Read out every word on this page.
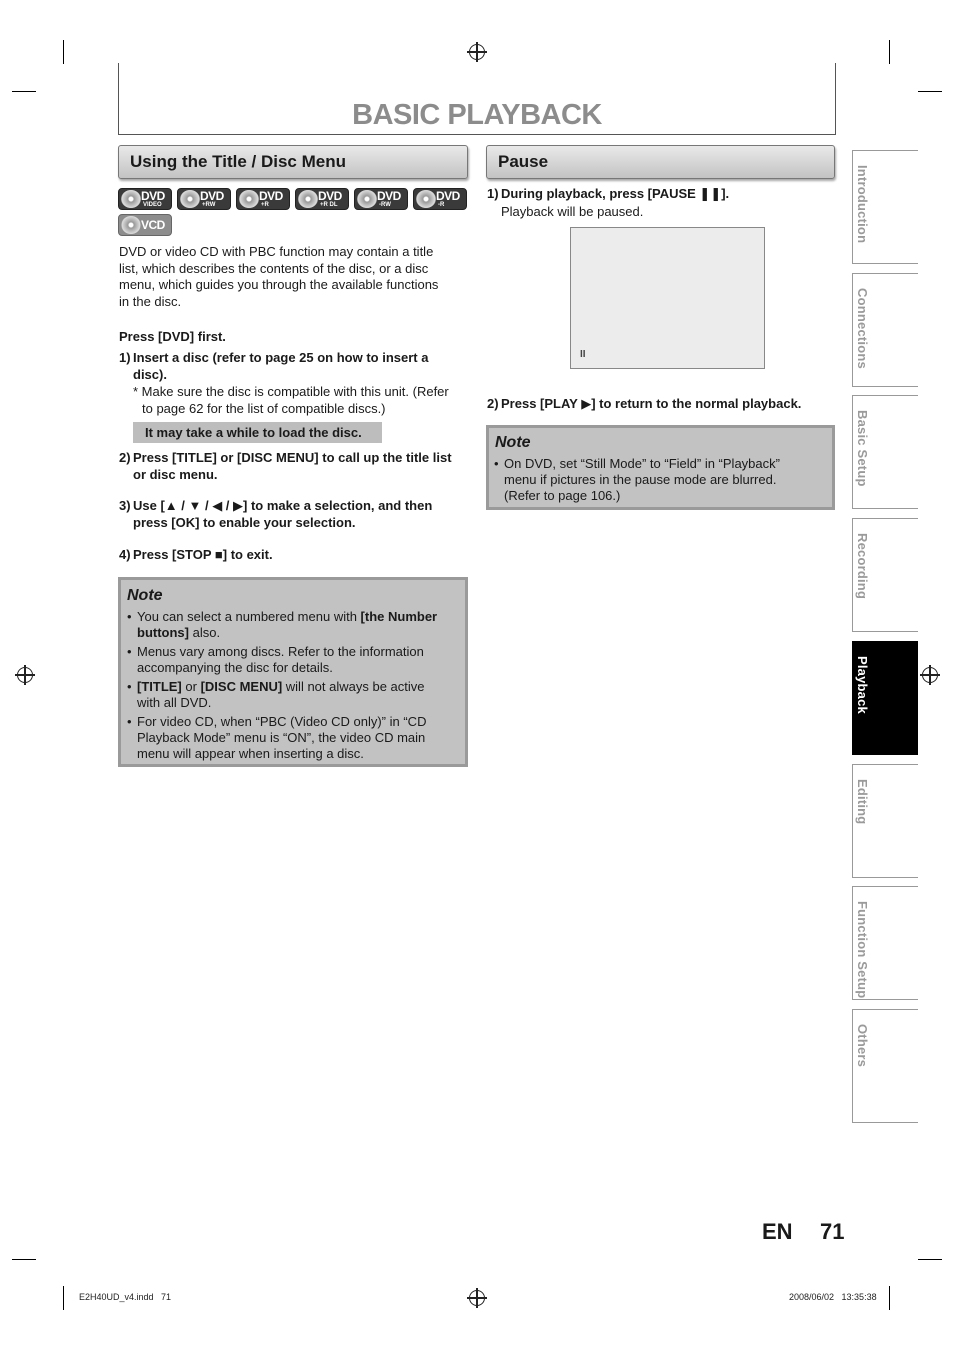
BASIC PLAYBACK
Using the Title / Disc Menu
DVD
VIDEO
DVD
+RW
DVD
+R
DVD
+R DL
DVD
-RW
DVD
-R
VCD
DVD or video CD with PBC function may contain a title
list, which describes the contents of the disc, or a disc
menu, which guides you through the available functions
in the disc.
Press [DVD] first.
1) Insert a disc (refer to page 25 on how to insert a
disc).
* Make sure the disc is compatible with this unit. (Refer
to page 62 for the list of compatible discs.)
It may take a while to load the disc.
2) Press [TITLE] or [DISC MENU] to call up the title list
or disc menu.
3) Use [▲ / ▼ / ◀ / ▶] to make a selection, and then
press [OK] to enable your selection.
4) Press [STOP ■] to exit.
Note
• You can select a numbered menu with [the Number
buttons] also.
• Menus vary among discs. Refer to the information
accompanying the disc for details.
• [TITLE] or [DISC MENU] will not always be active
with all DVD.
• For video CD, when “PBC (Video CD only)” in “CD
Playback Mode” menu is “ON”, the video CD main
menu will appear when inserting a disc.
Pause
1) During playback, press [PAUSE ❚❚].
Playback will be paused.
II
2) Press [PLAY ▶] to return to the normal playback.
Note
• On DVD, set “Still Mode” to “Field” in “Playback”
menu if pictures in the pause mode are blurred.
(Refer to page 106.)
Introduction
Connections
Basic Setup
Recording
Playback
Editing
Function Setup
Others
EN 71
E2H40UD_v4.indd   71	2008/06/02   13:35:38
